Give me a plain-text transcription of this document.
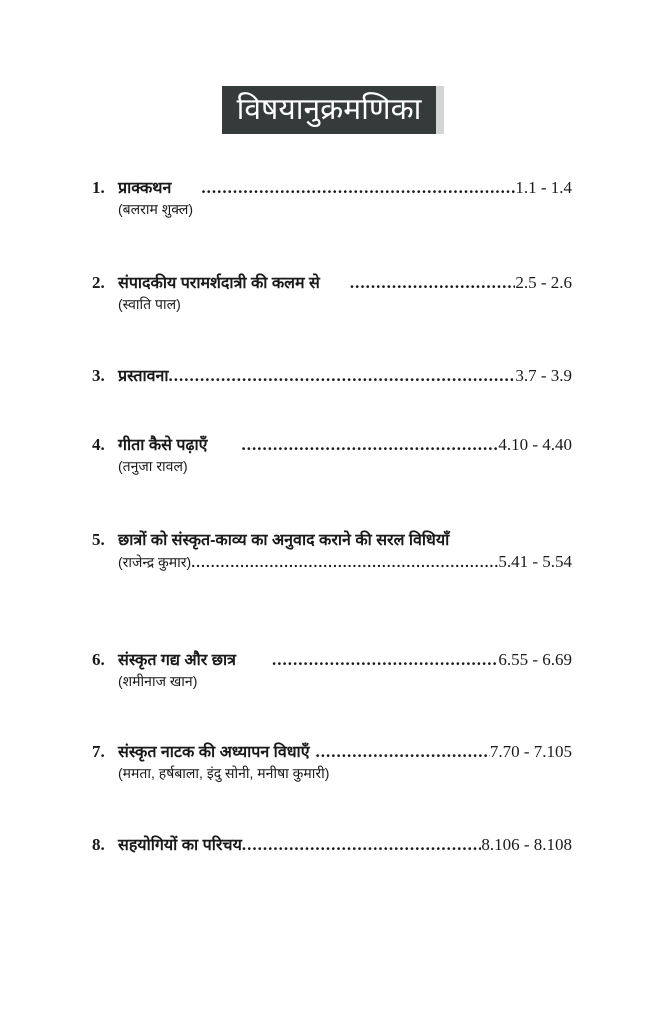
विषयानुक्रमणिका
1. प्राक्कथन .....	1.1 - 1.4
(बलराम शुक्ल)
2. संपादकीय परामर्शदात्री की कलम से .....	2.5 - 2.6
(स्वाति पाल)
3. प्रस्तावना .....	3.7 - 3.9
4. गीता कैसे पढ़ाएँ .....	4.10 - 4.40
(तनुजा रावल)
5. छात्रों को संस्कृत-काव्य का अनुवाद कराने की सरल विधियाँ
(राजेन्द्र कुमार) .....	5.41 - 5.54
6. संस्कृत गद्य और छात्र .....	6.55 - 6.69
(शमीनाज खान)
7. संस्कृत नाटक की अध्यापन विधाएँ .....	7.70 - 7.105
(ममता, हर्षबाला, इंदु सोनी, मनीषा कुमारी)
8. सहयोगियों का परिचय .....	8.106 - 8.108
